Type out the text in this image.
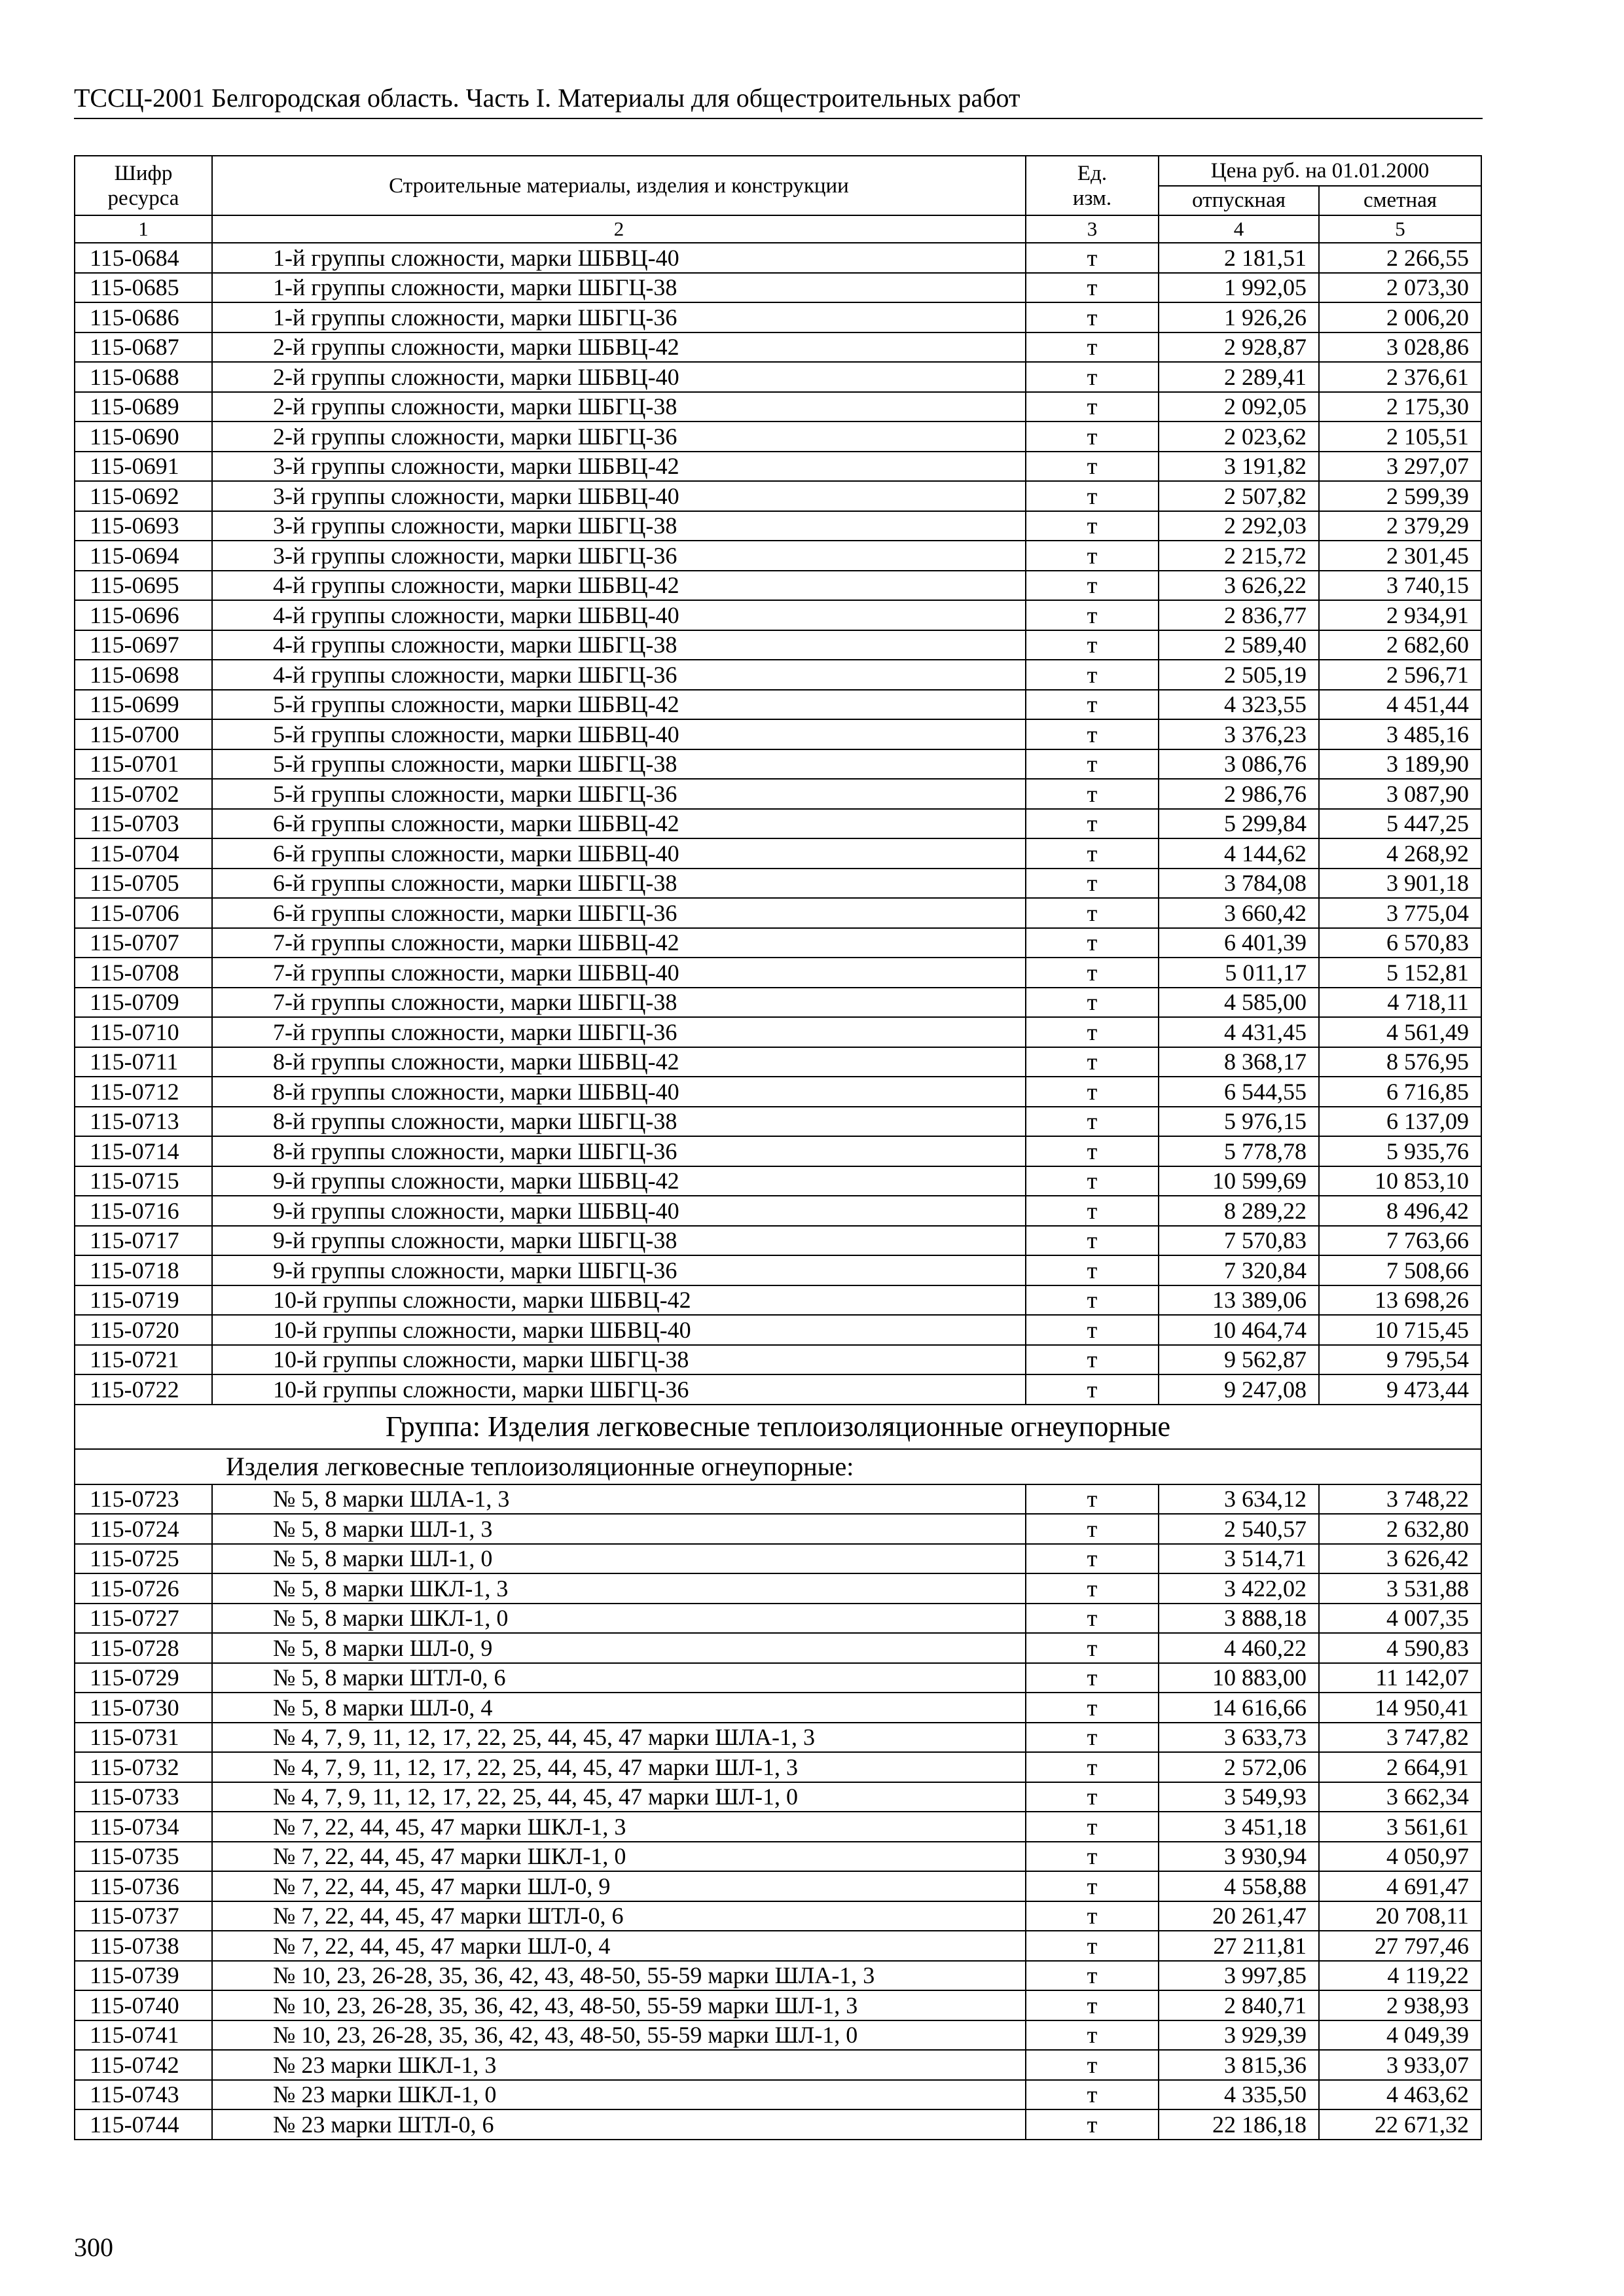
ТССЦ-2001 Белгородская область. Часть I. Материалы для общестроительных работ
Шифр ресурса	Строительные материалы, изделия и конструкции	Ед. изм.	Цена руб. на 01.01.2000	
			отпускная	сметная
1	2	3	4	5
115-0684	1-й группы сложности, марки ШБВЦ-40	т	2 181,51	2 266,55
115-0685	1-й группы сложности, марки ШБГЦ-38	т	1 992,05	2 073,30
115-0686	1-й группы сложности, марки ШБГЦ-36	т	1 926,26	2 006,20
115-0687	2-й группы сложности, марки ШБВЦ-42	т	2 928,87	3 028,86
115-0688	2-й группы сложности, марки ШБВЦ-40	т	2 289,41	2 376,61
115-0689	2-й группы сложности, марки ШБГЦ-38	т	2 092,05	2 175,30
115-0690	2-й группы сложности, марки ШБГЦ-36	т	2 023,62	2 105,51
115-0691	3-й группы сложности, марки ШБВЦ-42	т	3 191,82	3 297,07
115-0692	3-й группы сложности, марки ШБВЦ-40	т	2 507,82	2 599,39
115-0693	3-й группы сложности, марки ШБГЦ-38	т	2 292,03	2 379,29
115-0694	3-й группы сложности, марки ШБГЦ-36	т	2 215,72	2 301,45
115-0695	4-й группы сложности, марки ШБВЦ-42	т	3 626,22	3 740,15
115-0696	4-й группы сложности, марки ШБВЦ-40	т	2 836,77	2 934,91
115-0697	4-й группы сложности, марки ШБГЦ-38	т	2 589,40	2 682,60
115-0698	4-й группы сложности, марки ШБГЦ-36	т	2 505,19	2 596,71
115-0699	5-й группы сложности, марки ШБВЦ-42	т	4 323,55	4 451,44
115-0700	5-й группы сложности, марки ШБВЦ-40	т	3 376,23	3 485,16
115-0701	5-й группы сложности, марки ШБГЦ-38	т	3 086,76	3 189,90
115-0702	5-й группы сложности, марки ШБГЦ-36	т	2 986,76	3 087,90
115-0703	6-й группы сложности, марки ШБВЦ-42	т	5 299,84	5 447,25
115-0704	6-й группы сложности, марки ШБВЦ-40	т	4 144,62	4 268,92
115-0705	6-й группы сложности, марки ШБГЦ-38	т	3 784,08	3 901,18
115-0706	6-й группы сложности, марки ШБГЦ-36	т	3 660,42	3 775,04
115-0707	7-й группы сложности, марки ШБВЦ-42	т	6 401,39	6 570,83
115-0708	7-й группы сложности, марки ШБВЦ-40	т	5 011,17	5 152,81
115-0709	7-й группы сложности, марки ШБГЦ-38	т	4 585,00	4 718,11
115-0710	7-й группы сложности, марки ШБГЦ-36	т	4 431,45	4 561,49
115-0711	8-й группы сложности, марки ШБВЦ-42	т	8 368,17	8 576,95
115-0712	8-й группы сложности, марки ШБВЦ-40	т	6 544,55	6 716,85
115-0713	8-й группы сложности, марки ШБГЦ-38	т	5 976,15	6 137,09
115-0714	8-й группы сложности, марки ШБГЦ-36	т	5 778,78	5 935,76
115-0715	9-й группы сложности, марки ШБВЦ-42	т	10 599,69	10 853,10
115-0716	9-й группы сложности, марки ШБВЦ-40	т	8 289,22	8 496,42
115-0717	9-й группы сложности, марки ШБГЦ-38	т	7 570,83	7 763,66
115-0718	9-й группы сложности, марки ШБГЦ-36	т	7 320,84	7 508,66
115-0719	10-й группы сложности, марки ШБВЦ-42	т	13 389,06	13 698,26
115-0720	10-й группы сложности, марки ШБВЦ-40	т	10 464,74	10 715,45
115-0721	10-й группы сложности, марки ШБГЦ-38	т	9 562,87	9 795,54
115-0722	10-й группы сложности, марки ШБГЦ-36	т	9 247,08	9 473,44
Группа: Изделия легковесные теплоизоляционные огнеупорные				
Изделия легковесные теплоизоляционные огнеупорные:				
115-0723	№ 5, 8 марки ШЛА-1, 3	т	3 634,12	3 748,22
115-0724	№ 5, 8 марки ШЛ-1, 3	т	2 540,57	2 632,80
115-0725	№ 5, 8 марки ШЛ-1, 0	т	3 514,71	3 626,42
115-0726	№ 5, 8 марки ШКЛ-1, 3	т	3 422,02	3 531,88
115-0727	№ 5, 8 марки ШКЛ-1, 0	т	3 888,18	4 007,35
115-0728	№ 5, 8 марки ШЛ-0, 9	т	4 460,22	4 590,83
115-0729	№ 5, 8 марки ШТЛ-0, 6	т	10 883,00	11 142,07
115-0730	№ 5, 8 марки ШЛ-0, 4	т	14 616,66	14 950,41
115-0731	№ 4, 7, 9, 11, 12, 17, 22, 25, 44, 45, 47 марки ШЛА-1, 3	т	3 633,73	3 747,82
115-0732	№ 4, 7, 9, 11, 12, 17, 22, 25, 44, 45, 47 марки ШЛ-1, 3	т	2 572,06	2 664,91
115-0733	№ 4, 7, 9, 11, 12, 17, 22, 25, 44, 45, 47 марки ШЛ-1, 0	т	3 549,93	3 662,34
115-0734	№ 7, 22, 44, 45, 47 марки ШКЛ-1, 3	т	3 451,18	3 561,61
115-0735	№ 7, 22, 44, 45, 47 марки ШКЛ-1, 0	т	3 930,94	4 050,97
115-0736	№ 7, 22, 44, 45, 47 марки ШЛ-0, 9	т	4 558,88	4 691,47
115-0737	№ 7, 22, 44, 45, 47 марки ШТЛ-0, 6	т	20 261,47	20 708,11
115-0738	№ 7, 22, 44, 45, 47 марки ШЛ-0, 4	т	27 211,81	27 797,46
115-0739	№ 10, 23, 26-28, 35, 36, 42, 43, 48-50, 55-59 марки ШЛА-1, 3	т	3 997,85	4 119,22
115-0740	№ 10, 23, 26-28, 35, 36, 42, 43, 48-50, 55-59 марки ШЛ-1, 3	т	2 840,71	2 938,93
115-0741	№ 10, 23, 26-28, 35, 36, 42, 43, 48-50, 55-59 марки ШЛ-1, 0	т	3 929,39	4 049,39
115-0742	№ 23 марки ШКЛ-1, 3	т	3 815,36	3 933,07
115-0743	№ 23 марки ШКЛ-1, 0	т	4 335,50	4 463,62
115-0744	№ 23 марки ШТЛ-0, 6	т	22 186,18	22 671,32
300
